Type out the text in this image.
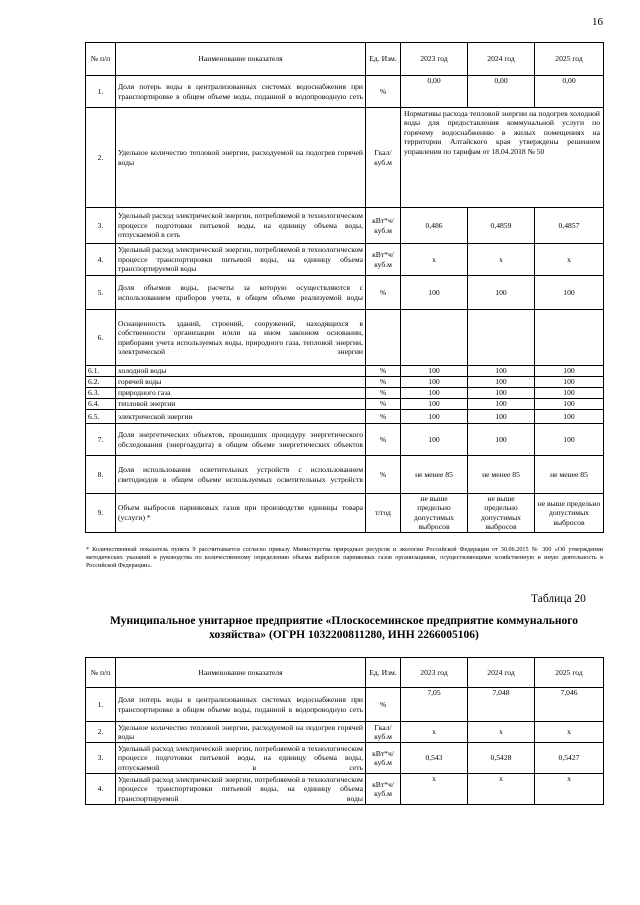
16
№ п/п	Наименование показателя	Ед. Изм.	2023 год	2024 год	2025 год
1.	Доля потерь воды в централизованных системах водоснабжения при транспортировке в общем объеме воды, поданной в водопроводную сеть	%	0,00	0,00	0,00
2.	Удельное количество тепловой энергии, расходуемой на подогрев горячей воды	Гкал/ куб.м	Нормативы расхода тепловой энергии на подогрев холодной воды для предоставления коммунальной услуги по горячему водоснабжению в жилых помещениях на территории Алтайского края утверждены решением управления по тарифам от 18.04.2018 № 50		
3.	Удельный расход электрической энергии, потребляемой в технологическом процессе подготовки питьевой воды, на единицу объема воды, отпускаемой в сеть	кВт*ч/ куб.м	0,486	0,4859	0,4857
4.	Удельный расход электрической энергии, потребляемой в технологическом процессе транспортировки питьевой воды, на единицу объема транспортируемой воды	кВт*ч/ куб.м	х	х	х
5.	Доля объемов воды, расчеты за которую осуществляются с использованием приборов учета, в общем объеме реализуемой воды	%	100	100	100
6.	Оснащенность зданий, строений, сооружений, находящихся в собственности организации и/или на ином законном основании, приборами учета используемых воды, природного газа, тепловой энергии, электрической энергии				
6.1.	холодной воды	%	100	100	100
6.2.	горячей воды	%	100	100	100
6.3.	природного газа	%	100	100	100
6.4.	тепловой энергии	%	100	100	100
6.5.	электрической энергии	%	100	100	100
7.	Доля энергетических объектов, прошедших процедуру энергетического обследования (энергоаудита) в общем объеме энергетических объектов	%	100	100	100
8.	Доля использования осветительных устройств с использованием светодиодов в общем объеме используемых осветительных устройств	%	не менее 85	не менее 85	не менее 85
9.	Объем выбросов парниковых газов при производстве единицы товара (услуги) *	т/год	не выше предельно допустимых выбросов	не выше предельно допустимых выбросов	не выше предельно допустимых выбросов
* Количественный показатель пункта 9 рассчитывается согласно приказу Министерства природных ресурсов и экологии Российской Федерации от 30.06.2015 № 300 «Об утверждении методических указаний и руководства по количественному определению объема выбросов парниковых газов организациями, осуществляющими хозяйственную и иную деятельность в Российской Федерации».
Таблица 20
Муниципальное унитарное предприятие «Плоскосеминское предприятие коммунального хозяйства» (ОГРН 1032200811280, ИНН 2266005106)
№ п/п	Наименование показателя	Ед. Изм.	2023 год	2024 год	2025 год
1.	Доля потерь воды в централизованных системах водоснабжения при транспортировке в общем объеме воды, поданной в водопроводную сеть	%	7,05	7,048	7,046
2.	Удельное количество тепловой энергии, расходуемой на подогрев горячей воды	Гкал/ куб.м	х	х	х
3.	Удельный расход электрической энергии, потребляемой в технологическом процессе подготовки питьевой воды, на единицу объема воды, отпускаемой в сеть	кВт*ч/ куб.м	0,543	0,5428	0,5427
4.	Удельный расход электрической энергии, потребляемой в технологическом процессе транспортировки питьевой воды, на единицу объема транспортируемой воды	кВт*ч/ куб.м	х	х	х
